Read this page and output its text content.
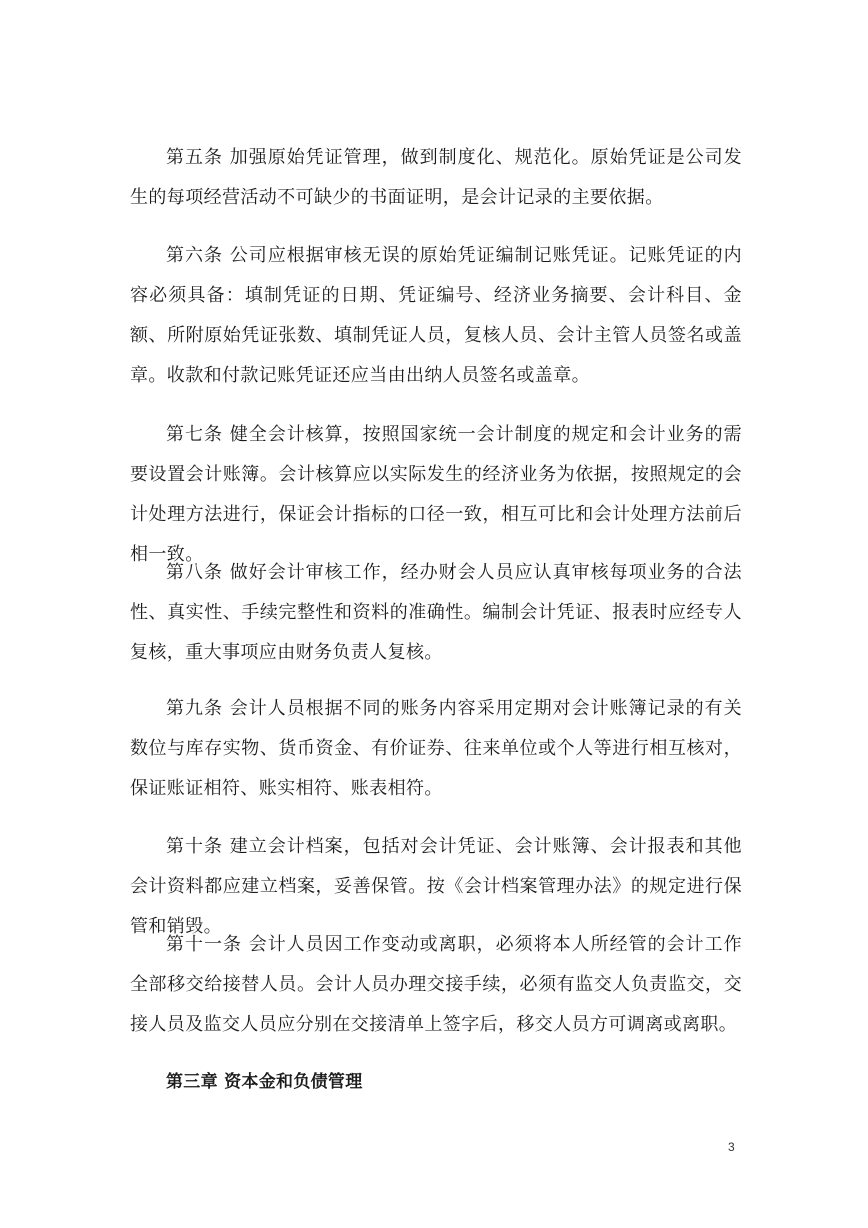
第五条 加强原始凭证管理，做到制度化、规范化。原始凭证是公司发生的每项经营活动不可缺少的书面证明，是会计记录的主要依据。

第六条 公司应根据审核无误的原始凭证编制记账凭证。记账凭证的内容必须具备：填制凭证的日期、凭证编号、经济业务摘要、会计科目、金额、所附原始凭证张数、填制凭证人员，复核人员、会计主管人员签名或盖章。收款和付款记账凭证还应当由出纳人员签名或盖章。

第七条 健全会计核算，按照国家统一会计制度的规定和会计业务的需要设置会计账簿。会计核算应以实际发生的经济业务为依据，按照规定的会计处理方法进行，保证会计指标的口径一致，相互可比和会计处理方法前后相一致。

第八条 做好会计审核工作，经办财会人员应认真审核每项业务的合法性、真实性、手续完整性和资料的准确性。编制会计凭证、报表时应经专人复核，重大事项应由财务负责人复核。

第九条 会计人员根据不同的账务内容采用定期对会计账簿记录的有关数位与库存实物、货币资金、有价证券、往来单位或个人等进行相互核对，保证账证相符、账实相符、账表相符。

第十条 建立会计档案，包括对会计凭证、会计账簿、会计报表和其他会计资料都应建立档案，妥善保管。按《会计档案管理办法》的规定进行保管和销毁。

第十一条 会计人员因工作变动或离职，必须将本人所经管的会计工作全部移交给接替人员。会计人员办理交接手续，必须有监交人负责监交，交接人员及监交人员应分别在交接清单上签字后，移交人员方可调离或离职。

第三章 资本金和负债管理
3
